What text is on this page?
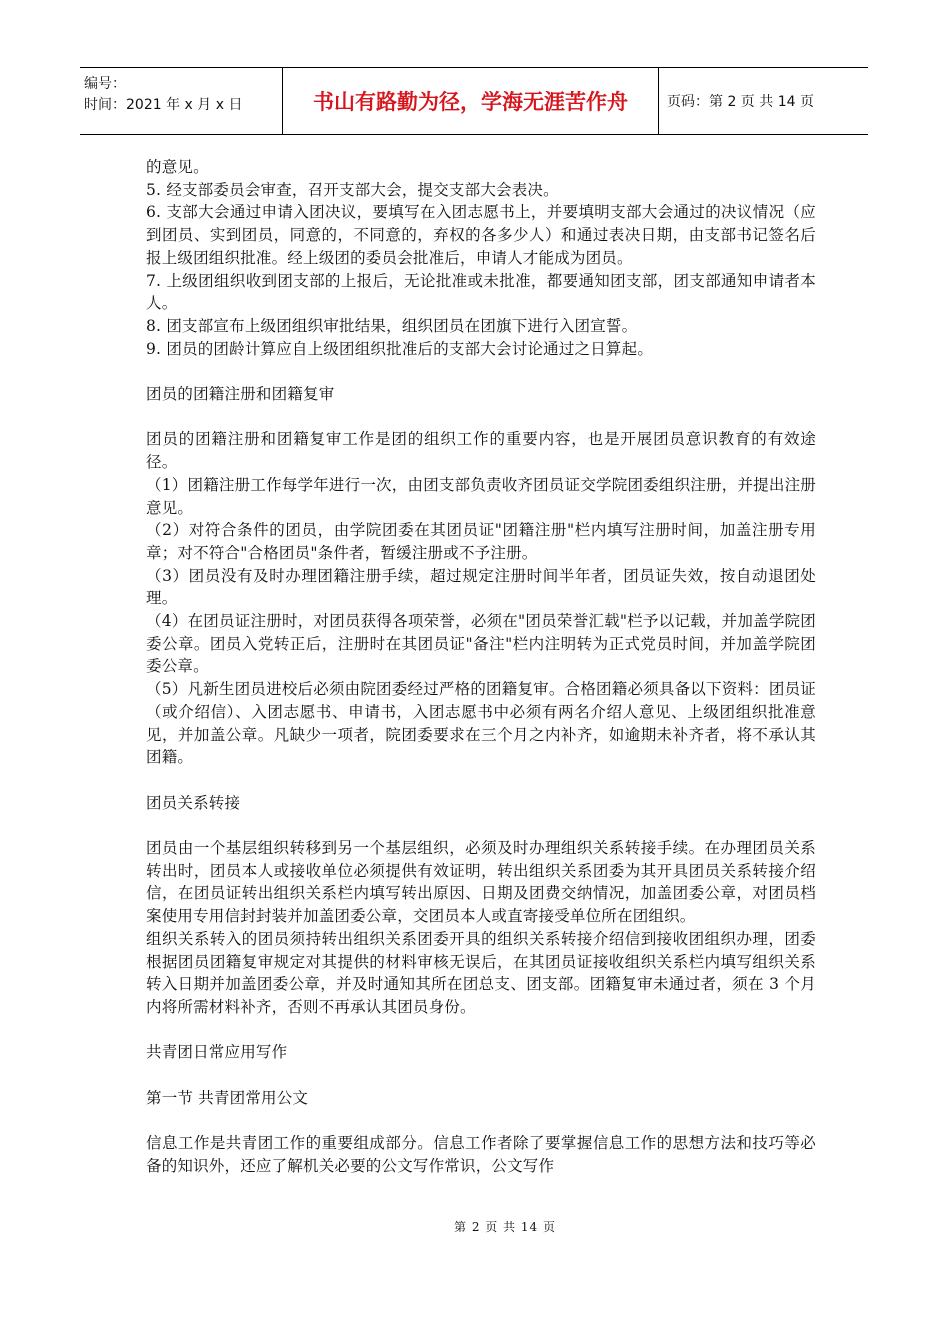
编号：
时间：2021 年 x 月 x 日	书山有路勤为径，学海无涯苦作舟	页码：第 2 页 共 14 页

的意见。

5. 经支部委员会审查，召开支部大会，提交支部大会表决。

6. 支部大会通过申请入团决议，要填写在入团志愿书上，并要填明支部大会通过的决议情况（应到团员、实到团员，同意的，不同意的，弃权的各多少人）和通过表决日期，由支部书记签名后报上级团组织批准。经上级团的委员会批准后，申请人才能成为团员。

7. 上级团组织收到团支部的上报后，无论批准或未批准，都要通知团支部，团支部通知申请者本人。

8. 团支部宣布上级团组织审批结果，组织团员在团旗下进行入团宣誓。

9. 团员的团龄计算应自上级团组织批准后的支部大会讨论通过之日算起。

团员的团籍注册和团籍复审

团员的团籍注册和团籍复审工作是团的组织工作的重要内容，也是开展团员意识教育的有效途径。

（1）团籍注册工作每学年进行一次，由团支部负责收齐团员证交学院团委组织注册，并提出注册意见。

（2）对符合条件的团员，由学院团委在其团员证"团籍注册"栏内填写注册时间，加盖注册专用章；对不符合"合格团员"条件者，暂缓注册或不予注册。

（3）团员没有及时办理团籍注册手续，超过规定注册时间半年者，团员证失效，按自动退团处理。

（4）在团员证注册时，对团员获得各项荣誉，必须在"团员荣誉汇载"栏予以记载，并加盖学院团委公章。团员入党转正后，注册时在其团员证"备注"栏内注明转为正式党员时间，并加盖学院团委公章。

（5）凡新生团员进校后必须由院团委经过严格的团籍复审。合格团籍必须具备以下资料：团员证（或介绍信）、入团志愿书、申请书，入团志愿书中必须有两名介绍人意见、上级团组织批准意见，并加盖公章。凡缺少一项者，院团委要求在三个月之内补齐，如逾期未补齐者，将不承认其团籍。

团员关系转接

团员由一个基层组织转移到另一个基层组织，必须及时办理组织关系转接手续。在办理团员关系转出时，团员本人或接收单位必须提供有效证明，转出组织关系团委为其开具团员关系转接介绍信，在团员证转出组织关系栏内填写转出原因、日期及团费交纳情况，加盖团委公章，对团员档案使用专用信封封装并加盖团委公章，交团员本人或直寄接受单位所在团组织。

组织关系转入的团员须持转出组织关系团委开具的组织关系转接介绍信到接收团组织办理，团委根据团员团籍复审规定对其提供的材料审核无误后，在其团员证接收组织关系栏内填写组织关系转入日期并加盖团委公章，并及时通知其所在团总支、团支部。团籍复审未通过者，须在 3 个月内将所需材料补齐，否则不再承认其团员身份。

共青团日常应用写作

第一节 共青团常用公文

信息工作是共青团工作的重要组成部分。信息工作者除了要掌握信息工作的思想方法和技巧等必备的知识外，还应了解机关必要的公文写作常识，公文写作

第 2 页 共 14 页
